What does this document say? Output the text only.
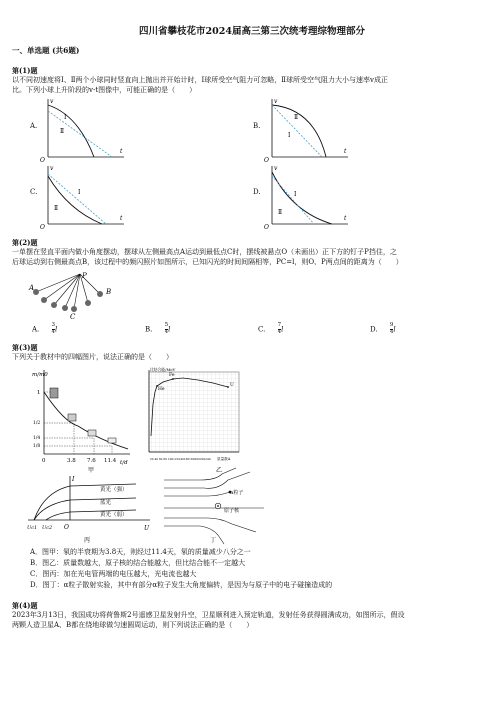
四川省攀枝花市2024届高三第三次统考理综物理部分
一、单选题 (共6题)
第(1)题
以不同初速度将Ⅰ、Ⅱ两个小球同时竖直向上抛出并开始计时，Ⅰ球所受空气阻力可忽略，Ⅱ球所受空气阻力大小与速率v成正
比。下列小球上升阶段的v-t图像中，可能正确的是（　　）
A.	B.
C.	D.
v
t
O
Ⅰ
Ⅱ
v
t
O
Ⅱ
Ⅰ
v
t
O
Ⅰ
Ⅱ
v
t
O
Ⅰ
Ⅱ
第(2)题
一单摆在竖直平面内做小角度摆动，摆球从左侧最高点A运动到最低点C时，摆线被悬点O（未画出）正下方的钉子P挡住，之
后球运动到右侧最高点B，该过程中的频闪照片如图所示，已知闪光的时间间隔相等，PC=l，则O、P两点间的距离为（　　）
A
P
B
C
A. $\frac{3}{4}$ l	B. $\frac{5}{4}$ l	C. $\frac{7}{4}$ l	D. $\frac{9}{4}$ l
第(3)题
下列关于教材中的四幅图片，说法正确的是（　　）
m/m0
t/d
1
1/2
1/4
1/8
0	3.8 7.6 11.4
甲
比结合能/MeV
质量数A
U
Fe
He
20 40 60 80 100120140160180200220240
I
U
黄光（强）
蓝光
黄光（弱）
Uc1 Uc2 O
丙
乙
α粒子
原子核
丁
A．图甲：氡的半衰期为3.8天，则经过11.4天，氡的质量减少八分之一
B．图乙：质量数越大，原子核的结合能越大，但比结合能不一定越大
C．图丙：加在光电管两端的电压越大，光电流也越大
D．图丁：α粒子散射实验，其中有部分α粒子发生大角度偏转，是因为与原子中的电子碰撞造成的
第(4)题
2023年3月13日，我国成功将荷鲁斯2号遥感卫星发射升空，卫星顺利进入预定轨道，发射任务获得圆满成功，如图所示，假设
两颗人造卫星A、B都在绕地球做匀速圆周运动，则下列说法正确的是（　　）
